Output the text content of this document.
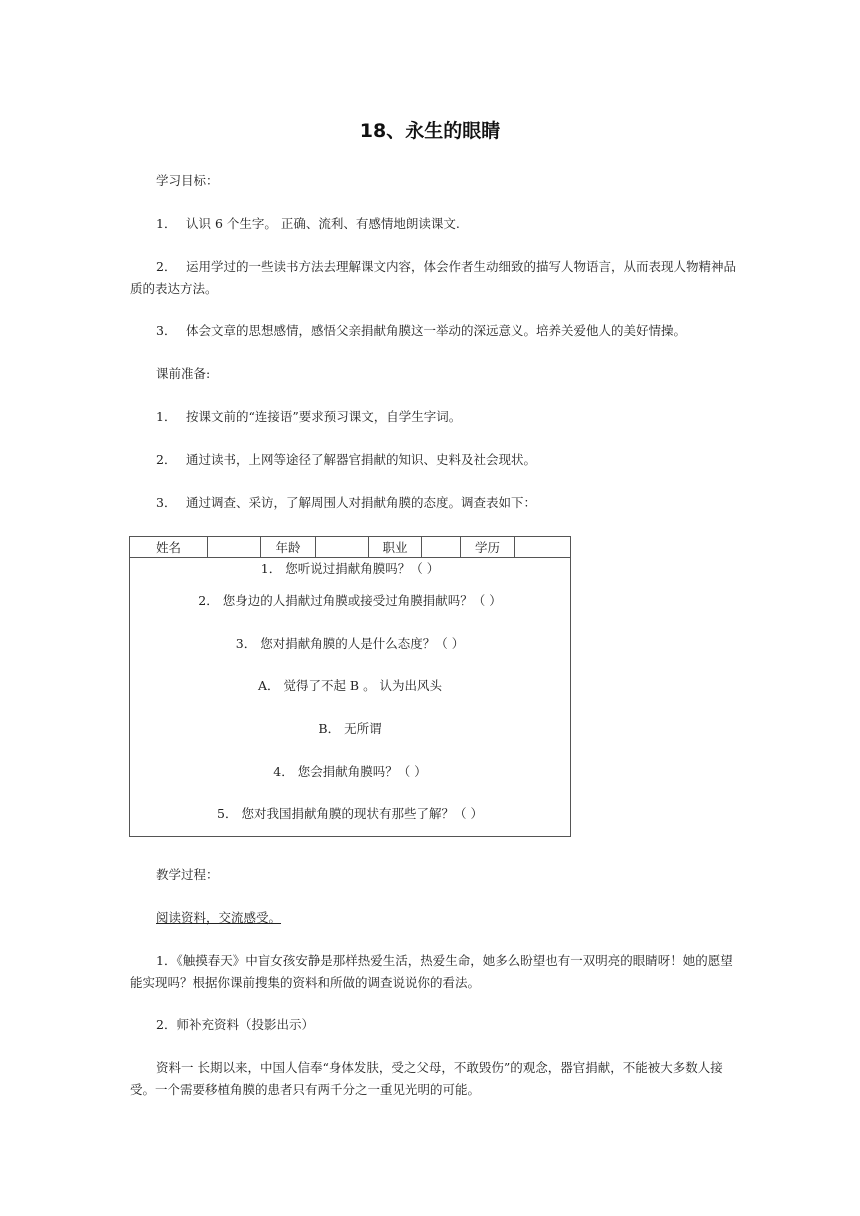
18、永生的眼睛

学习目标：

1． 认识 6 个生字。 正确、流利、有感情地朗读课文.

2． 运用学过的一些读书方法去理解课文内容，体会作者生动细致的描写人物语言，从而表现人物精神品质的表达方法。

3． 体会文章的思想感情，感悟父亲捐献角膜这一举动的深远意义。培养关爱他人的美好情操。

课前准备:

1． 按课文前的“连接语”要求预习课文，自学生字词。

2． 通过读书，上网等途径了解器官捐献的知识、史料及社会现状。

3． 通过调查、采访，了解周围人对捐献角膜的态度。调查表如下：

姓名		年龄		职业		学历	

1． 您听说过捐献角膜吗？（ ）
2． 您身边的人捐献过角膜或接受过角膜捐献吗？（ ）
3． 您对捐献角膜的人是什么态度？（ ）
A． 觉得了不起 B 。 认为出风头
B． 无所谓
4． 您会捐献角膜吗？（ ）
5． 您对我国捐献角膜的现状有那些了解？（ ）

教学过程：

阅读资料，交流感受。

1．《触摸春天》中盲女孩安静是那样热爱生活，热爱生命，她多么盼望也有一双明亮的眼睛呀！她的愿望能实现吗？根据你课前搜集的资料和所做的调查说说你的看法。

2．师补充资料（投影出示）

资料一 长期以来，中国人信奉“身体发肤，受之父母，不敢毁伤”的观念，器官捐献，不能被大多数人接受。一个需要移植角膜的患者只有两千分之一重见光明的可能。
